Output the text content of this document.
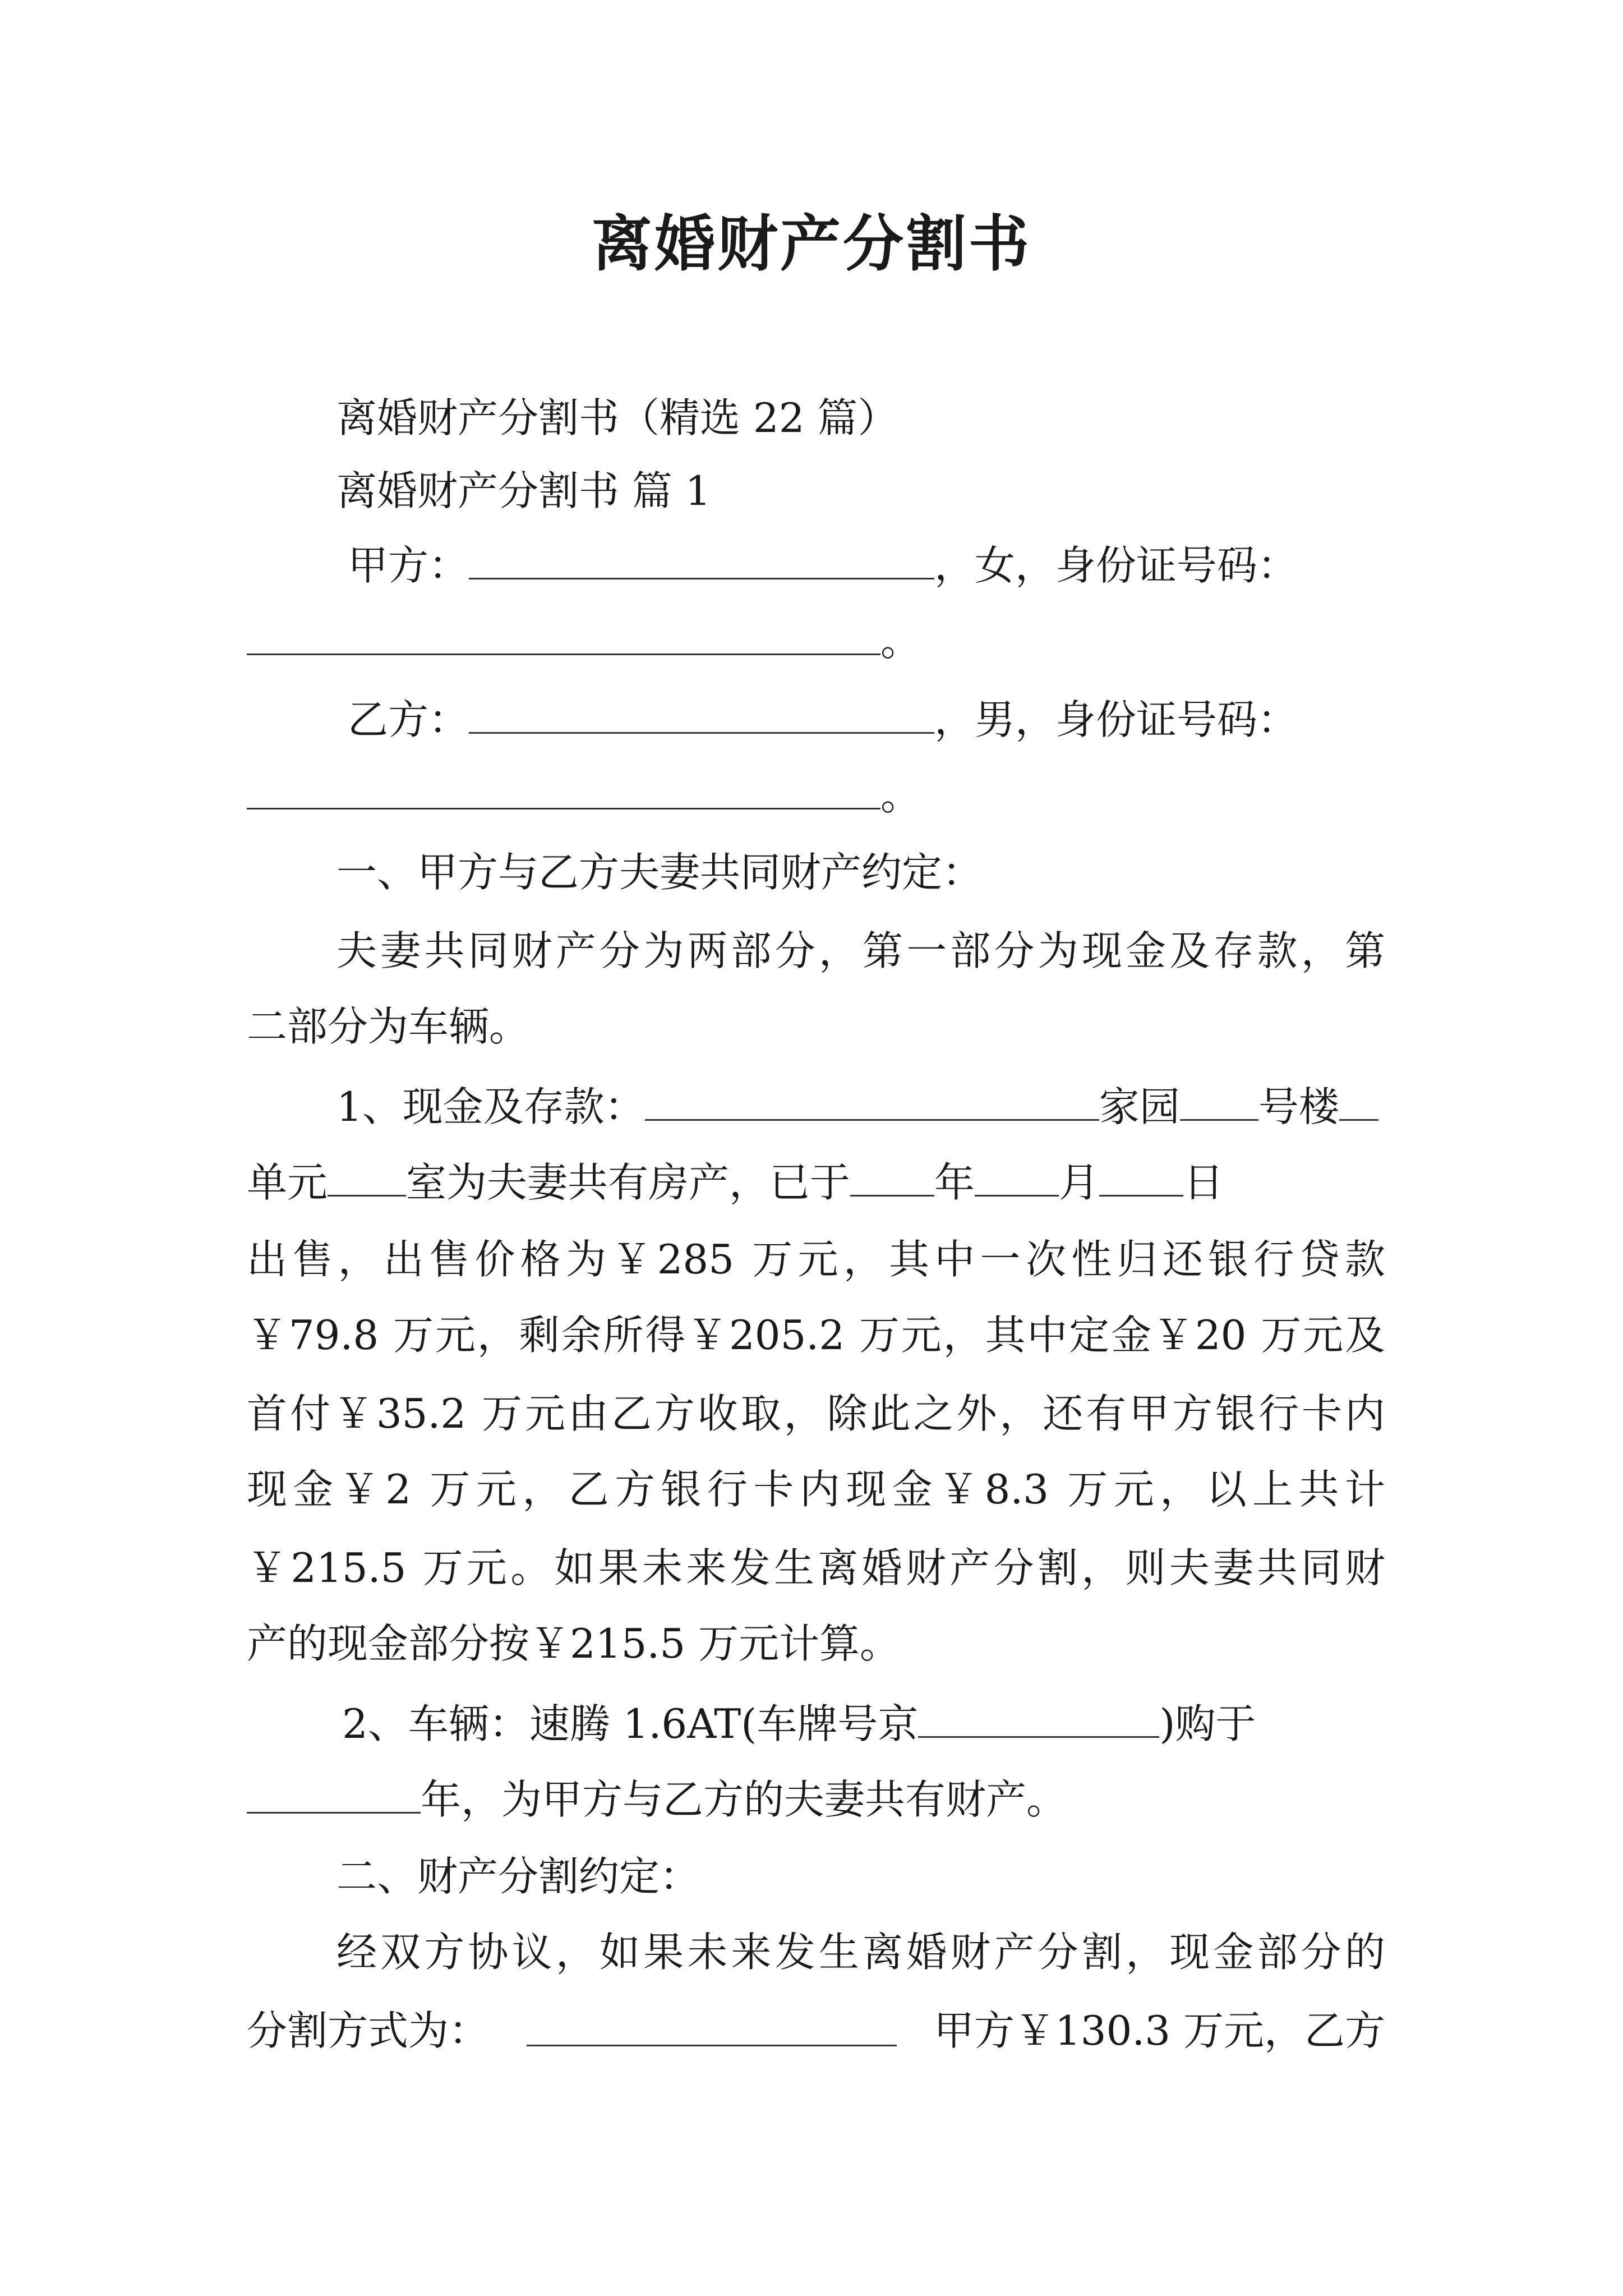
离婚财产分割书
离婚财产分割书（精选 22 篇）
离婚财产分割书 篇 1
甲方：	，女，身份证号码：
。
乙方：	，男，身份证号码：
。
一、甲方与乙方夫妻共同财产约定：
夫妻共同财产分为两部分，第一部分为现金及存款，第
二部分为车辆。
1、现金及存款：	家园 号楼
单元 室为夫妻共有房产，已于 年 月 日
出售，出售价格为￥285 万元，其中一次性归还银行贷款
￥79.8 万元，剩余所得￥205.2 万元，其中定金￥20 万元及
首付￥35.2 万元由乙方收取，除此之外，还有甲方银行卡内
现金￥2 万元，乙方银行卡内现金￥8.3 万元，以上共计
￥215.5 万元。如果未来发生离婚财产分割，则夫妻共同财
产的现金部分按￥215.5 万元计算。
2、车辆：速腾 1.6AT(车牌号京	)购于
年，为甲方与乙方的夫妻共有财产。
二、财产分割约定：
经双方协议，如果未来发生离婚财产分割，现金部分的
分割方式为：	甲方￥130.3 万元，乙方
